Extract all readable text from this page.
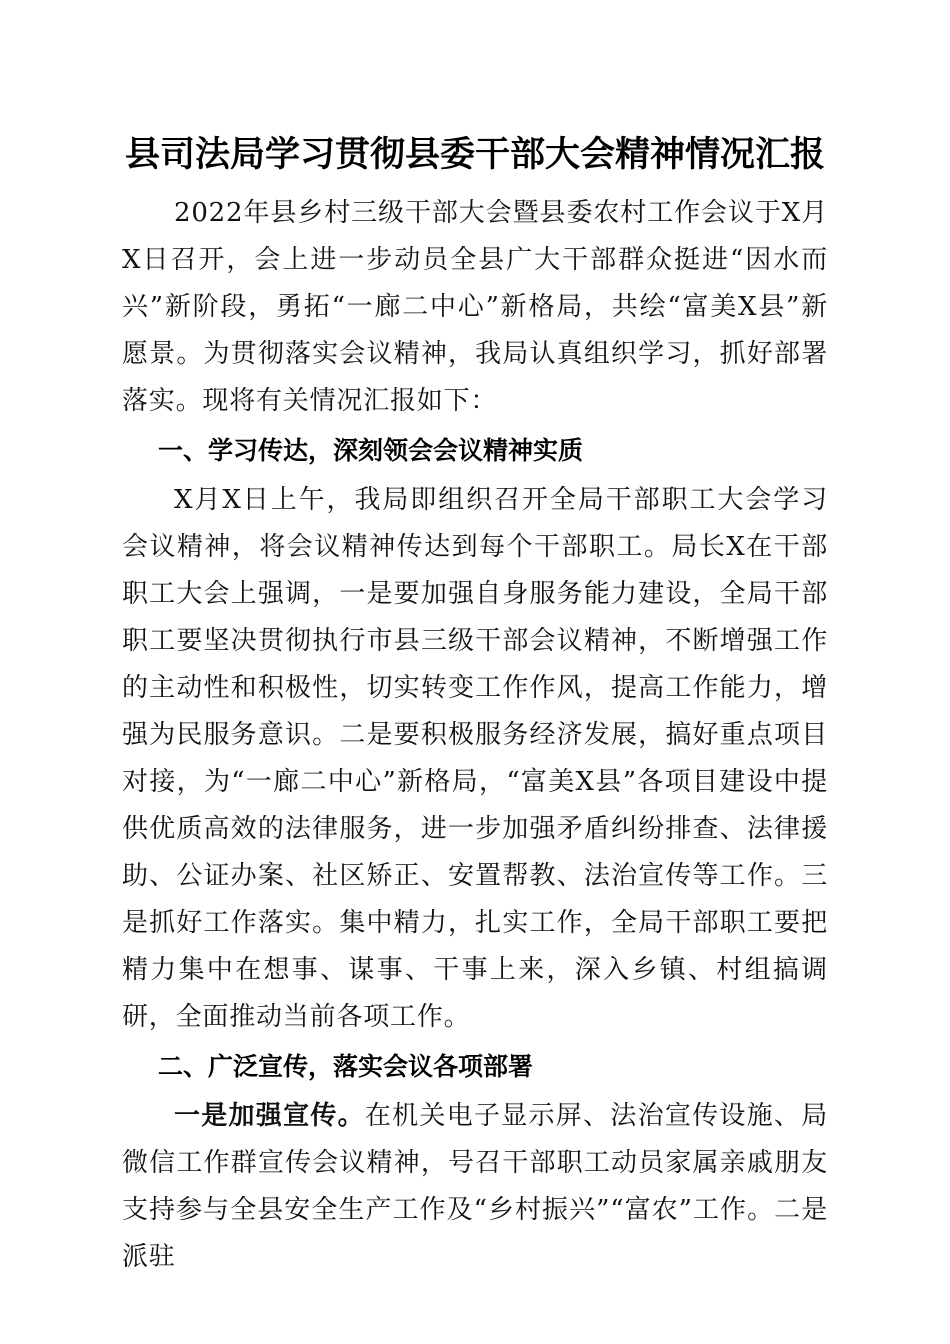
县司法局学习贯彻县委干部大会精神情况汇报

2022年县乡村三级干部大会暨县委农村工作会议于X月X日召开，会上进一步动员全县广大干部群众挺进“因水而兴”新阶段，勇拓“一廊二中心”新格局，共绘“富美X县”新愿景。为贯彻落实会议精神，我局认真组织学习，抓好部署落实。现将有关情况汇报如下：

一、学习传达，深刻领会会议精神实质

X月X日上午，我局即组织召开全局干部职工大会学习会议精神，将会议精神传达到每个干部职工。局长X在干部职工大会上强调，一是要加强自身服务能力建设，全局干部职工要坚决贯彻执行市县三级干部会议精神，不断增强工作的主动性和积极性，切实转变工作作风，提高工作能力，增强为民服务意识。二是要积极服务经济发展，搞好重点项目对接，为“一廊二中心”新格局，“富美X县”各项目建设中提供优质高效的法律服务，进一步加强矛盾纠纷排查、法律援助、公证办案、社区矫正、安置帮教、法治宣传等工作。三是抓好工作落实。集中精力，扎实工作，全局干部职工要把精力集中在想事、谋事、干事上来，深入乡镇、村组搞调研，全面推动当前各项工作。

二、广泛宣传，落实会议各项部署

一是加强宣传。在机关电子显示屏、法治宣传设施、局微信工作群宣传会议精神，号召干部职工动员家属亲戚朋友支持参与全县安全生产工作及“乡村振兴”“富农”工作。二是派驻
